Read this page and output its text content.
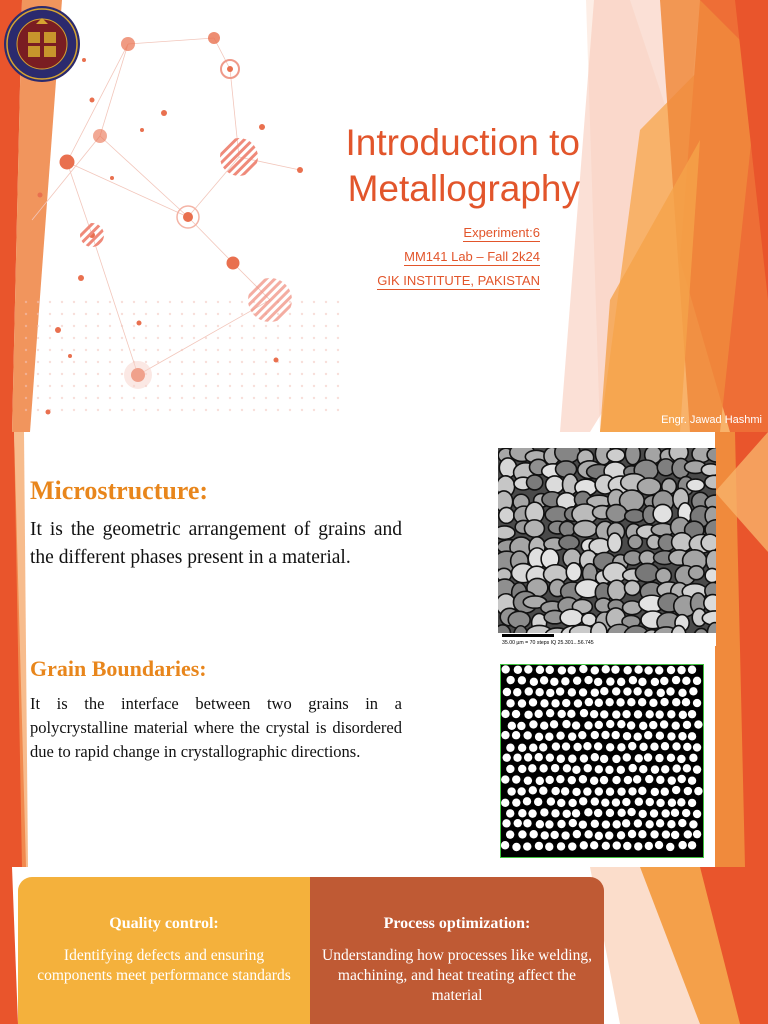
Introduction to
Metallography
Experiment:6
MM141 Lab – Fall 2k24
GIK INSTITUTE, PAKISTAN
Engr. Jawad Hashmi
Microstructure:

It is the geometric arrangement of grains and the different phases present in a material.

Grain Boundaries:

It is the interface between two grains in a polycrystalline material where the crystal is disordered due to rapid change in crystallographic directions.

35.00 µm = 70 steps IQ 25.301...56.745
Quality control:
Identifying defects and ensuring components meet performance standards
Process optimization:
Understanding how processes like welding, machining, and heat treating affect the material
